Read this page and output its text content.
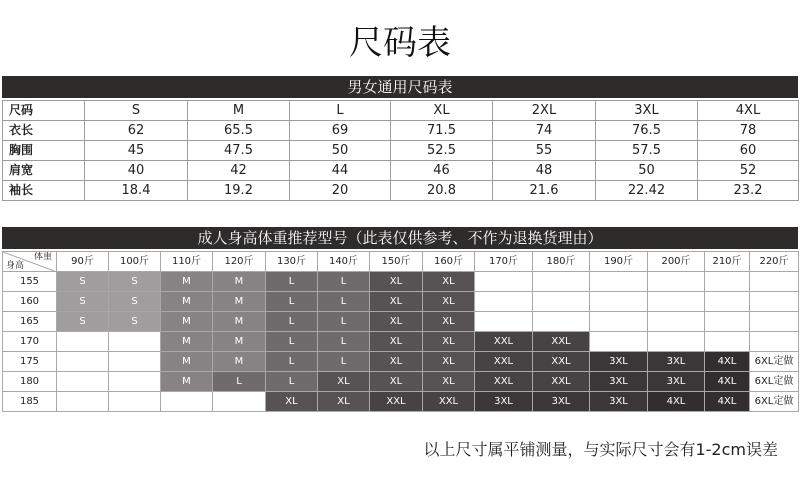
尺码表
男女通用尺码表
尺码	S	M	L	XL	2XL	3XL	4XL
衣长	62	65.5	69	71.5	74	76.5	78
胸围	45	47.5	50	52.5	55	57.5	60
肩宽	40	42	44	46	48	50	52
袖长	18.4	19.2	20	20.8	21.6	22.42	23.2
成人身高体重推荐型号（此表仅供参考、不作为退换货理由）
体重
身高	90斤	100斤	110斤	120斤	130斤	140斤	150斤	160斤	170斤	180斤	190斤	200斤	210斤	220斤
155	S	S	M	M	L	L	XL	XL						
160	S	S	M	M	L	L	XL	XL						
165	S	S	M	M	L	L	XL	XL						
170			M	M	L	L	XL	XL	XXL	XXL				
175			M	M	L	L	XL	XL	XXL	XXL	3XL	3XL	4XL	6XL定做
180			M	L	L	XL	XL	XL	XXL	XXL	3XL	3XL	4XL	6XL定做
185					XL	XL	XXL	XXL	3XL	3XL	3XL	4XL	4XL	6XL定做
以上尺寸属平铺测量，与实际尺寸会有1-2cm误差
